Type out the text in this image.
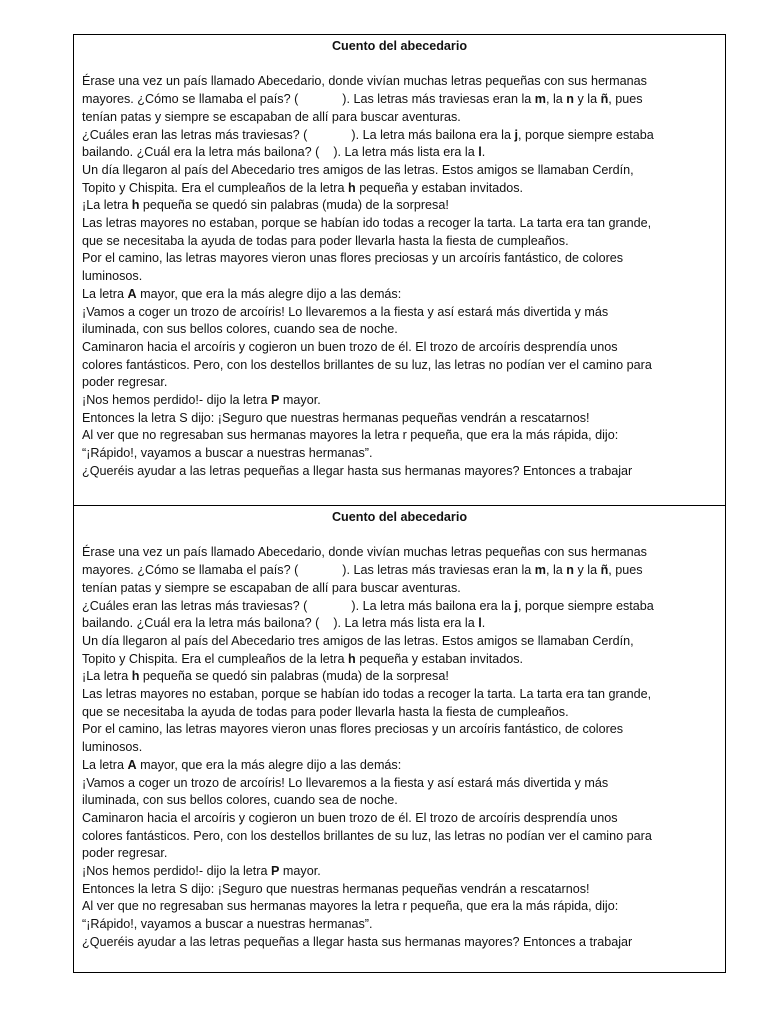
Cuento del abecedario

Érase una vez un país llamado Abecedario, donde vivían muchas letras pequeñas con sus hermanas

mayores. ¿Cómo se llamaba el país? (	). Las letras más traviesas eran la m, la n y la ñ, pues

tenían patas y siempre se escapaban de allí para buscar aventuras.

¿Cuáles eran las letras más traviesas? (	). La letra más bailona era la j, porque siempre estaba

bailando. ¿Cuál era la letra más bailona? ( ). La letra más lista era la l.

Un día llegaron al país del Abecedario tres amigos de las letras. Estos amigos se llamaban Cerdín,

Topito y Chispita. Era el cumpleaños de la letra h pequeña y estaban invitados.

¡La letra h pequeña se quedó sin palabras (muda) de la sorpresa!

Las letras mayores no estaban, porque se habían ido todas a recoger la tarta. La tarta era tan grande,

que se necesitaba la ayuda de todas para poder llevarla hasta la fiesta de cumpleaños.

Por el camino, las letras mayores vieron unas flores preciosas y un arcoíris fantástico, de colores

luminosos.

La letra A mayor, que era la más alegre dijo a las demás:

¡Vamos a coger un trozo de arcoíris! Lo llevaremos a la fiesta y así estará más divertida y más

iluminada, con sus bellos colores, cuando sea de noche.

Caminaron hacia el arcoíris y cogieron un buen trozo de él. El trozo de arcoíris desprendía unos

colores fantásticos. Pero, con los destellos brillantes de su luz, las letras no podían ver el camino para

poder regresar.

¡Nos hemos perdido!- dijo la letra P mayor.

Entonces la letra S dijo: ¡Seguro que nuestras hermanas pequeñas vendrán a rescatarnos!

Al ver que no regresaban sus hermanas mayores la letra r pequeña, que era la más rápida, dijo:

“¡Rápido!, vayamos a buscar a nuestras hermanas”.

¿Queréis ayudar a las letras pequeñas a llegar hasta sus hermanas mayores? Entonces a trabajar

Cuento del abecedario

Érase una vez un país llamado Abecedario, donde vivían muchas letras pequeñas con sus hermanas

mayores. ¿Cómo se llamaba el país? (	). Las letras más traviesas eran la m, la n y la ñ, pues

tenían patas y siempre se escapaban de allí para buscar aventuras.

¿Cuáles eran las letras más traviesas? (	). La letra más bailona era la j, porque siempre estaba

bailando. ¿Cuál era la letra más bailona? ( ). La letra más lista era la l.

Un día llegaron al país del Abecedario tres amigos de las letras. Estos amigos se llamaban Cerdín,

Topito y Chispita. Era el cumpleaños de la letra h pequeña y estaban invitados.

¡La letra h pequeña se quedó sin palabras (muda) de la sorpresa!

Las letras mayores no estaban, porque se habían ido todas a recoger la tarta. La tarta era tan grande,

que se necesitaba la ayuda de todas para poder llevarla hasta la fiesta de cumpleaños.

Por el camino, las letras mayores vieron unas flores preciosas y un arcoíris fantástico, de colores

luminosos.

La letra A mayor, que era la más alegre dijo a las demás:

¡Vamos a coger un trozo de arcoíris! Lo llevaremos a la fiesta y así estará más divertida y más

iluminada, con sus bellos colores, cuando sea de noche.

Caminaron hacia el arcoíris y cogieron un buen trozo de él. El trozo de arcoíris desprendía unos

colores fantásticos. Pero, con los destellos brillantes de su luz, las letras no podían ver el camino para

poder regresar.

¡Nos hemos perdido!- dijo la letra P mayor.

Entonces la letra S dijo: ¡Seguro que nuestras hermanas pequeñas vendrán a rescatarnos!

Al ver que no regresaban sus hermanas mayores la letra r pequeña, que era la más rápida, dijo:

“¡Rápido!, vayamos a buscar a nuestras hermanas”.

¿Queréis ayudar a las letras pequeñas a llegar hasta sus hermanas mayores? Entonces a trabajar
